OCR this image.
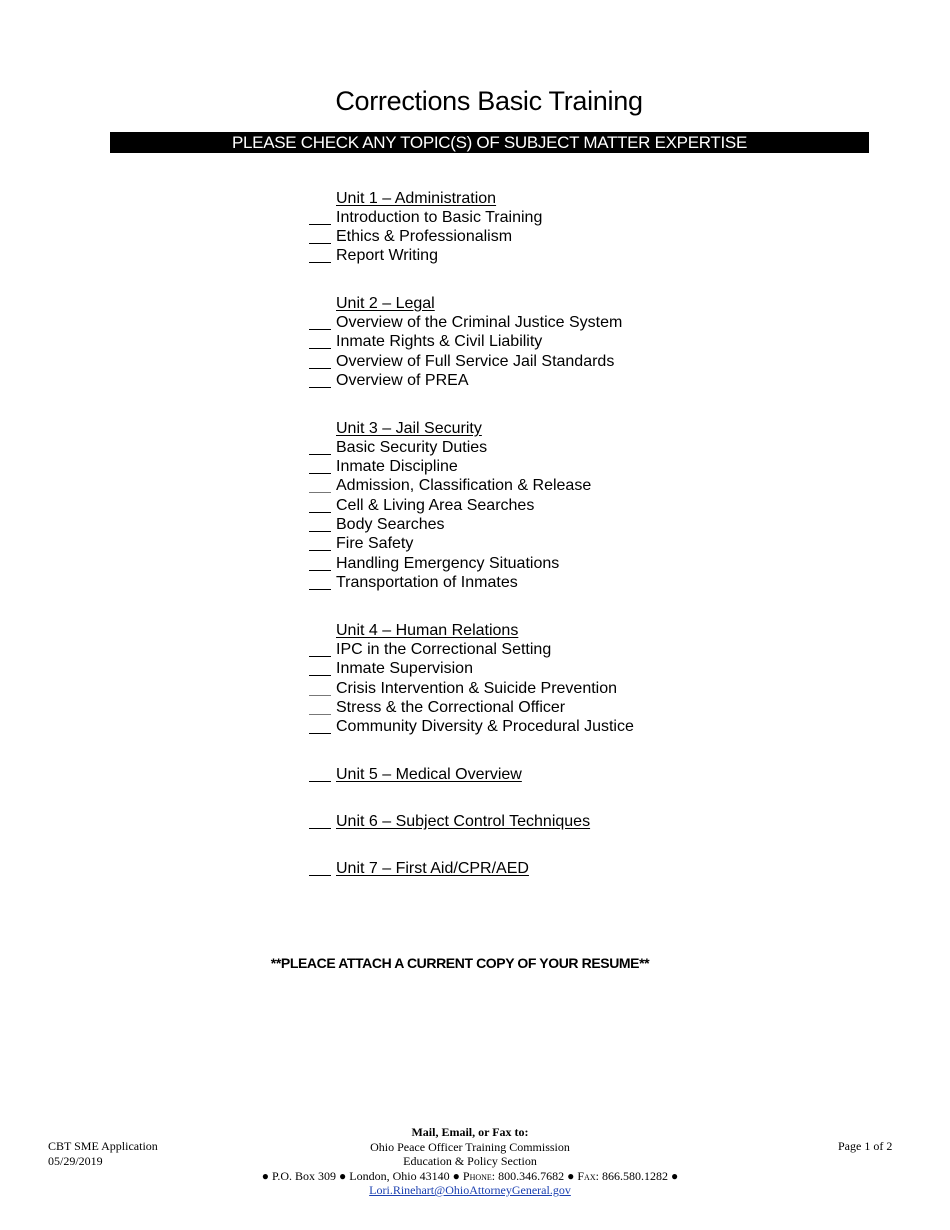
Corrections Basic Training
PLEASE CHECK ANY TOPIC(S) OF SUBJECT MATTER EXPERTISE
Unit 1 – Administration
Introduction to Basic Training
Ethics & Professionalism
Report Writing
Unit 2 – Legal
Overview of the Criminal Justice System
Inmate Rights & Civil Liability
Overview of Full Service Jail Standards
Overview of PREA
Unit 3 – Jail Security
Basic Security Duties
Inmate Discipline
Admission, Classification & Release
Cell & Living Area Searches
Body Searches
Fire Safety
Handling Emergency Situations
Transportation of Inmates
Unit 4 – Human Relations
IPC in the Correctional Setting
Inmate Supervision
Crisis Intervention & Suicide Prevention
Stress & the Correctional Officer
Community Diversity & Procedural Justice
Unit 5 – Medical Overview
Unit 6 – Subject Control Techniques
Unit 7 – First Aid/CPR/AED
**PLEACE ATTACH A CURRENT COPY OF YOUR RESUME**
CBT SME Application
05/29/2019
Page 1 of 2
Mail, Email, or Fax to:
Ohio Peace Officer Training Commission
Education & Policy Section
● P.O. Box 309 ● London, Ohio 43140 ● Phone: 800.346.7682 ● Fax: 866.580.1282 ●
Lori.Rinehart@OhioAttorneyGeneral.gov
